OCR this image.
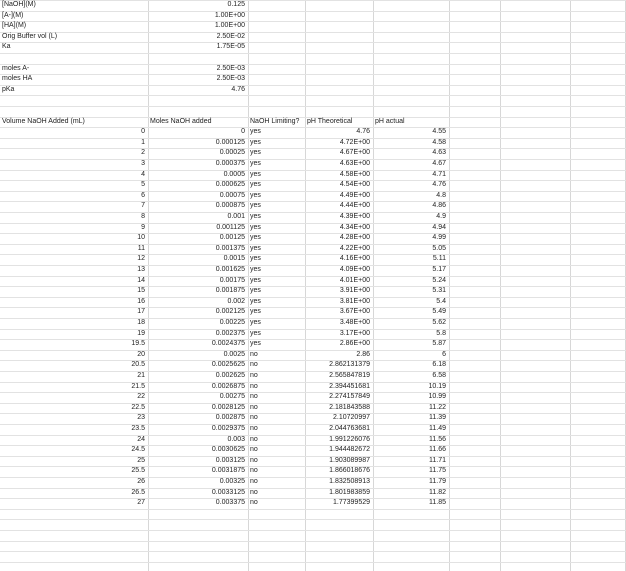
[NaOH](M)	0.125
[A-](M)	1.00E+00
[HA](M)	1.00E+00
Orig Buffer vol (L)	2.50E-02
Ka	1.75E-05
moles A-	2.50E-03
moles HA	2.50E-03
pKa	4.76
Volume NaOH Added (mL)	Moles NaOH added	NaOH Limiting?	pH Theoretical	pH actual
0	0 yes	4.76	4.55
1	0.000125 yes	4.72E+00	4.58
2	0.00025 yes	4.67E+00	4.63
3	0.000375 yes	4.63E+00	4.67
4	0.0005 yes	4.58E+00	4.71
5	0.000625 yes	4.54E+00	4.76
6	0.00075 yes	4.49E+00	4.8
7	0.000875 yes	4.44E+00	4.86
8	0.001 yes	4.39E+00	4.9
9	0.001125 yes	4.34E+00	4.94
10	0.00125 yes	4.28E+00	4.99
11	0.001375 yes	4.22E+00	5.05
12	0.0015 yes	4.16E+00	5.11
13	0.001625 yes	4.09E+00	5.17
14	0.00175 yes	4.01E+00	5.24
15	0.001875 yes	3.91E+00	5.31
16	0.002 yes	3.81E+00	5.4
17	0.002125 yes	3.67E+00	5.49
18	0.00225 yes	3.48E+00	5.62
19	0.002375 yes	3.17E+00	5.8
19.5	0.0024375 yes	2.86E+00	5.87
20	0.0025 no	2.86	6
20.5	0.0025625 no	2.862131379	6.18
21	0.002625 no	2.565847819	6.58
21.5	0.0026875 no	2.394451681	10.19
22	0.00275 no	2.274157849	10.99
22.5	0.0028125 no	2.181843588	11.22
23	0.002875 no	2.10720997	11.39
23.5	0.0029375 no	2.044763681	11.49
24	0.003 no	1.991226076	11.56
24.5	0.0030625 no	1.944482672	11.66
25	0.003125 no	1.903089987	11.71
25.5	0.0031875 no	1.866018676	11.75
26	0.00325 no	1.832508913	11.79
26.5	0.0033125 no	1.801983859	11.82
27	0.003375 no	1.77399529	11.85
